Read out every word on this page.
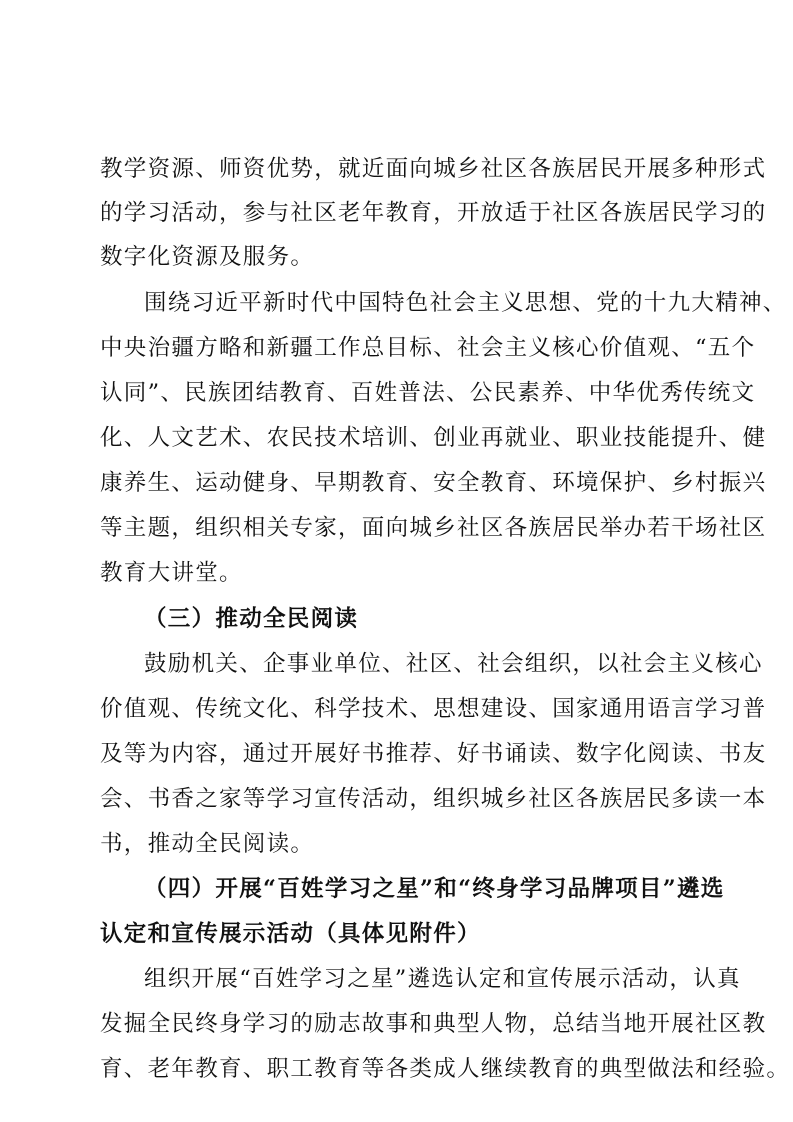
教学资源、师资优势，就近面向城乡社区各族居民开展多种形式
的学习活动，参与社区老年教育，开放适于社区各族居民学习的
数字化资源及服务。
围绕习近平新时代中国特色社会主义思想、党的十九大精神、
中央治疆方略和新疆工作总目标、社会主义核心价值观、“五个
认同”、民族团结教育、百姓普法、公民素养、中华优秀传统文
化、人文艺术、农民技术培训、创业再就业、职业技能提升、健
康养生、运动健身、早期教育、安全教育、环境保护、乡村振兴
等主题，组织相关专家，面向城乡社区各族居民举办若干场社区
教育大讲堂。
（三）推动全民阅读
鼓励机关、企事业单位、社区、社会组织，以社会主义核心
价值观、传统文化、科学技术、思想建设、国家通用语言学习普
及等为内容，通过开展好书推荐、好书诵读、数字化阅读、书友
会、书香之家等学习宣传活动，组织城乡社区各族居民多读一本
书，推动全民阅读。
（四）开展“百姓学习之星”和“终身学习品牌项目”遴选
认定和宣传展示活动（具体见附件）
组织开展“百姓学习之星”遴选认定和宣传展示活动，认真
发掘全民终身学习的励志故事和典型人物，总结当地开展社区教
育、老年教育、职工教育等各类成人继续教育的典型做法和经验。
